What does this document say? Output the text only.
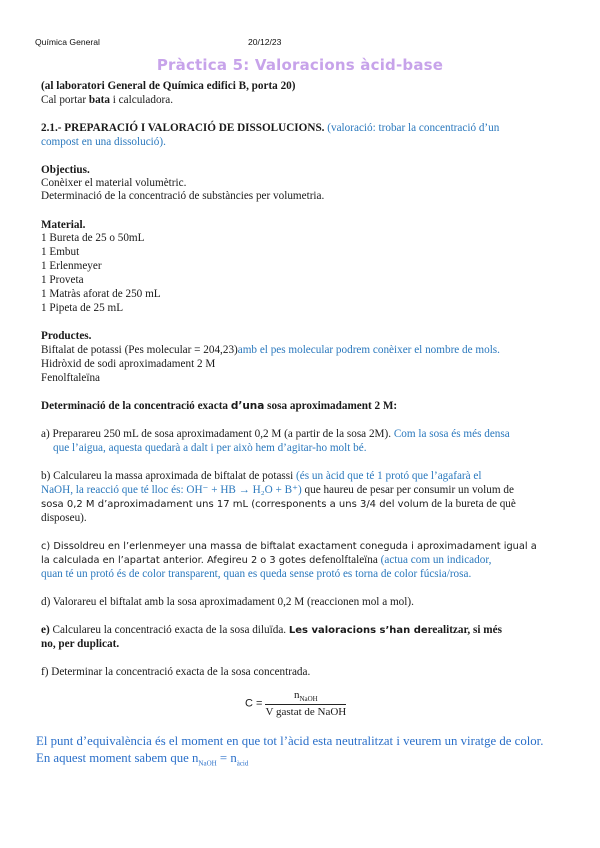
Química General	20/12/23
Pràctica 5: Valoracions àcid-base
(al laboratori General de Química edifici B, porta 20)
Cal portar bata i calculadora.
2.1.- PREPARACIÓ I VALORACIÓ DE DISSOLUCIONS. (valoració: trobar la concentració d’un
compost en una dissolució).
Objectius.
Conèixer el material volumètric.
Determinació de la concentració de substàncies per volumetria.
Material.
1 Bureta de 25 o 50mL
1 Embut
1 Erlenmeyer
1 Proveta
1 Matràs aforat de 250 mL
1 Pipeta de 25 mL
Productes.
Biftalat de potassi (Pes molecular = 204,23)amb el pes molecular podrem conèixer el nombre de mols.
Hidròxid de sodi aproximadament 2 M
Fenolftaleïna
Determinació de la concentració exacta d’una sosa aproximadament 2 M:
a) Preparareu 250 mL de sosa aproximadament 0,2 M (a partir de la sosa 2M). Com la sosa és més densa
que l’aigua, aquesta quedarà a dalt i per això hem d’agitar-ho molt bé.
b) Calculareu la massa aproximada de biftalat de potassi (és un àcid que té 1 protó que l’agafarà el
NaOH, la reacció que té lloc és: OH⁻ + HB → H₂O + B⁺) que haureu de pesar per consumir un volum de
sosa 0,2 M d’aproximadament uns 17 mL (corresponents a uns 3/4 del volum de la bureta de què
disposeu).
c) Dissoldreu en l’erlenmeyer una massa de biftalat exactament coneguda i aproximadament igual a
la calculada en l’apartat anterior. Afegireu 2 o 3 gotes defenolftaleïna (actua com un indicador,
quan té un protó és de color transparent, quan es queda sense protó es torna de color fúcsia/rosa.
d) Valorareu el biftalat amb la sosa aproximadament 0,2 M (reaccionen mol a mol).
e) Calculareu la concentració exacta de la sosa diluïda. Les valoracions s’han derealitzar, si més
no, per duplicat.
f) Determinar la concentració exacta de la sosa concentrada.
$C = \frac{n_{NaOH}}{\text{V gastat de NaOH}}$
El punt d’equivalència és el moment en que tot l’àcid esta neutralitzat i veurem un viratge de color.
En aquest moment sabem que $n_{NaOH} = n_{àcid}$
